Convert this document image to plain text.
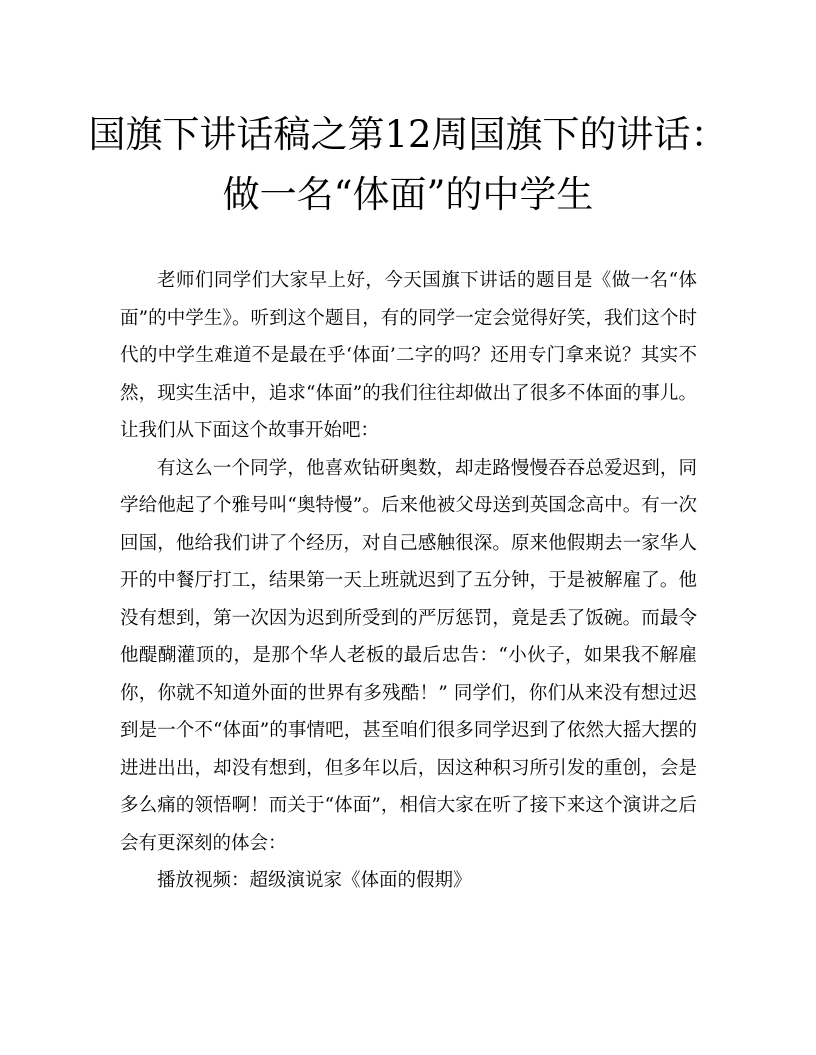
国旗下讲话稿之第12周国旗下的讲话：
做一名“体面”的中学生

老师们同学们大家早上好，今天国旗下讲话的题目是《做一名“体面”的中学生》。听到这个题目，有的同学一定会觉得好笑，我们这个时代的中学生难道不是最在乎‘体面’二字的吗？还用专门拿来说？其实不然，现实生活中，追求“体面”的我们往往却做出了很多不体面的事儿。让我们从下面这个故事开始吧：

有这么一个同学，他喜欢钻研奥数，却走路慢慢吞吞总爱迟到，同学给他起了个雅号叫“奥特慢”。后来他被父母送到英国念高中。有一次回国，他给我们讲了个经历，对自己感触很深。原来他假期去一家华人开的中餐厅打工，结果第一天上班就迟到了五分钟，于是被解雇了。他没有想到，第一次因为迟到所受到的严厉惩罚，竟是丢了饭碗。而最令他醍醐灌顶的，是那个华人老板的最后忠告：“小伙子，如果我不解雇你，你就不知道外面的世界有多残酷！” 同学们，你们从来没有想过迟到是一个不“体面”的事情吧，甚至咱们很多同学迟到了依然大摇大摆的进进出出，却没有想到，但多年以后，因这种积习所引发的重创，会是多么痛的领悟啊！而关于“体面”，相信大家在听了接下来这个演讲之后会有更深刻的体会：

播放视频：超级演说家《体面的假期》
